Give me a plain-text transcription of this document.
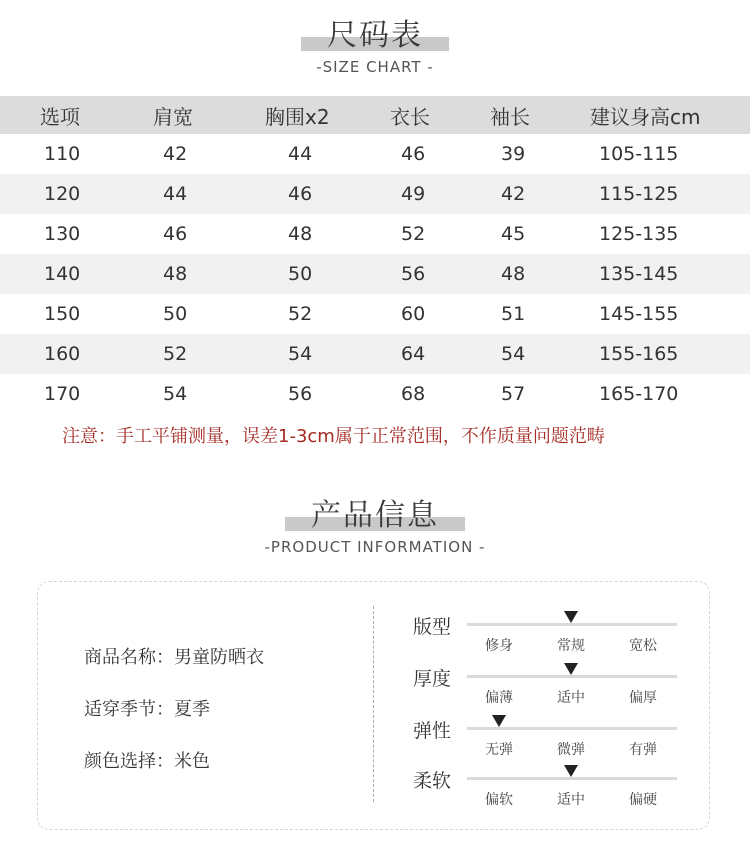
尺码表
-SIZE CHART -
选项	肩宽	胸围x2	衣长	袖长	建议身高cm
110	42	44	46	39	105-115
120	44	46	49	42	115-125
130	46	48	52	45	125-135
140	48	50	56	48	135-145
150	50	52	60	51	145-155
160	52	54	64	54	155-165
170	54	56	68	57	165-170
注意：手工平铺测量，误差1-3cm属于正常范围，不作质量问题范畴
产品信息
-PRODUCT INFORMATION -
商品名称：男童防晒衣
适穿季节：夏季
颜色选择：米色
版型
修身	常规	宽松
厚度
偏薄	适中	偏厚
弹性
无弹	微弹	有弹
柔软
偏软	适中	偏硬
